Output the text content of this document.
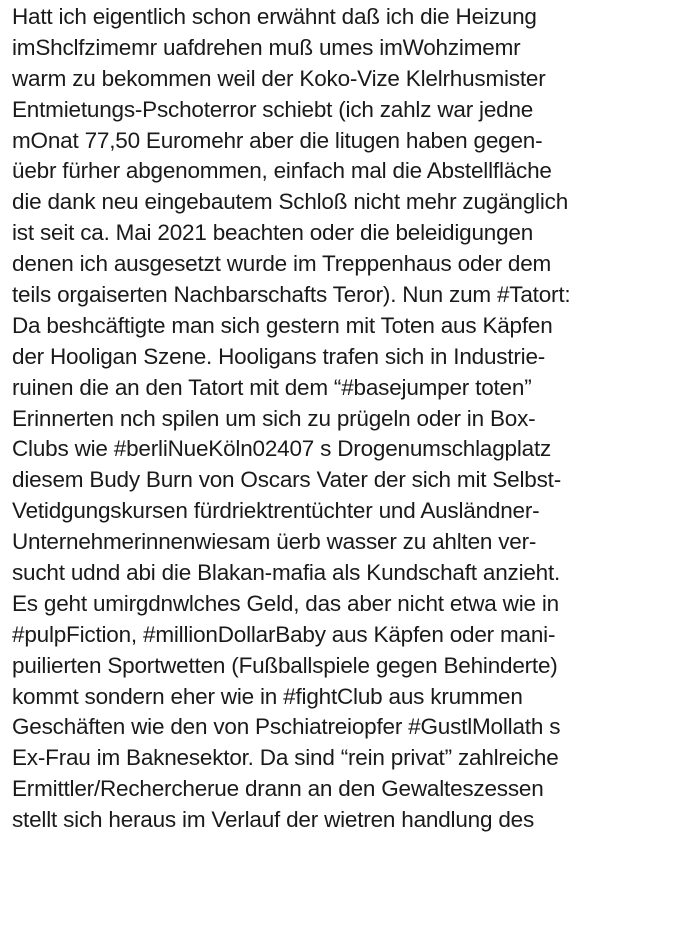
Hatt ich eigentlich schon erwähnt daß ich die Heizung
imShclfzimemr uafdrehen muß umes imWohzimemr
warm zu bekommen weil der Koko-Vize Klelrhusmister
Entmietungs-Pschoterror schiebt (ich zahlz war jedne
mOnat 77,50 Euromehr aber die litugen haben gegen-
üebr fürher abgenommen, einfach mal die Abstellfläche
die dank neu eingebautem Schloß nicht mehr zugänglich
ist seit ca. Mai 2021 beachten oder die beleidigungen
denen ich ausgesetzt wurde im Treppenhaus oder dem
teils orgaiserten Nachbarschafts Teror). Nun zum #Tatort:
Da beshcäftigte man sich gestern mit Toten aus Käpfen
der Hooligan Szene. Hooligans trafen sich in Industrie-
ruinen die an den Tatort mit dem “#basejumper toten”
Erinnerten nch spilen um sich zu prügeln oder in Box-
Clubs wie #berliNueKöln02407 s Drogenumschlagplatz
diesem Budy Burn von Oscars Vater der sich mit Selbst-
Vetidgungskursen fürdriektrentüchter und Ausländner-
Unternehmerinnenwiesam üerb wasser zu ahlten ver-
sucht udnd abi die Blakan-mafia als Kundschaft anzieht.
Es geht umirgdnwlches Geld, das aber nicht etwa wie in
#pulpFiction, #millionDollarBaby aus Käpfen oder mani-
puilierten Sportwetten (Fußballspiele gegen Behinderte)
kommt sondern eher wie in #fightClub aus krummen
Geschäften wie den von Pschiatreiopfer #GustlMollath s
Ex-Frau im Baknesektor. Da sind “rein privat” zahlreiche
Ermittler/Rechercherue drann an den Gewalteszessen
stellt sich heraus im Verlauf der wietren handlung des
